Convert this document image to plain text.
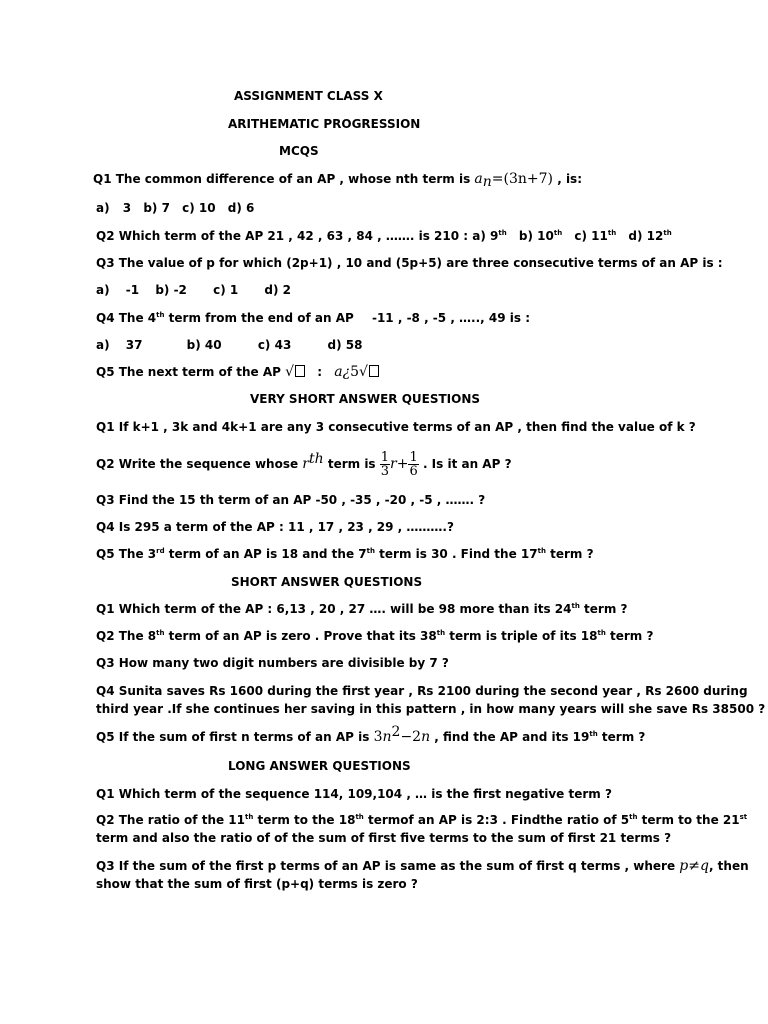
ASSIGNMENT CLASS X
ARITHEMATIC PROGRESSION
MCQS
Q1 The common difference of an AP , whose nth term is $a_n=(3n+7)$ , is:
a) 3 b) 7 c) 10 d) 6
Q2 Which term of the AP 21 , 42 , 63 , 84 , ……. is 210 : a) 9th b) 10th c) 11th d) 12th
Q3 The value of p for which (2p+1) , 10 and (5p+5) are three consecutive terms of an AP is :
a) -1 b) -2 c) 1 d) 2
Q4 The 4th term from the end of an AP -11 , -8 , -5 , ….., 49 is :
a) 37	b) 40	c) 43	d) 58
Q5 The next term of the AP √ : a¿5√
VERY SHORT ANSWER QUESTIONS
Q1 If k+1 , 3k and 4k+1 are any 3 consecutive terms of an AP , then find the value of k ?
Q2 Write the sequence whose $r^{th}$ term is $\frac{1}{3} r+ \frac{1}{6}$ . Is it an AP ?
Q3 Find the 15 th term of an AP -50 , -35 , -20 , -5 , ……. ?
Q4 Is 295 a term of the AP : 11 , 17 , 23 , 29 , ……….?
Q5 The 3rd term of an AP is 18 and the 7th term is 30 . Find the 17th term ?
SHORT ANSWER QUESTIONS
Q1 Which term of the AP : 6,13 , 20 , 27 …. will be 98 more than its 24th term ?
Q2 The 8th term of an AP is zero . Prove that its 38th term is triple of its 18th term ?
Q3 How many two digit numbers are divisible by 7 ?
Q4 Sunita saves Rs 1600 during the first year , Rs 2100 during the second year , Rs 2600 during
third year .If she continues her saving in this pattern , in how many years will she save Rs 38500 ?
Q5 If the sum of first n terms of an AP is $3n^2-2n$ , find the AP and its 19th term ?
LONG ANSWER QUESTIONS
Q1 Which term of the sequence 114, 109,104 , … is the first negative term ?
Q2 The ratio of the 11th term to the 18th termof an AP is 2:3 . Findthe ratio of 5th term to the 21st
term and also the ratio of of the sum of first five terms to the sum of first 21 terms ?
Q3 If the sum of the first p terms of an AP is same as the sum of first q terms , where p≠q, then
show that the sum of first (p+q) terms is zero ?
